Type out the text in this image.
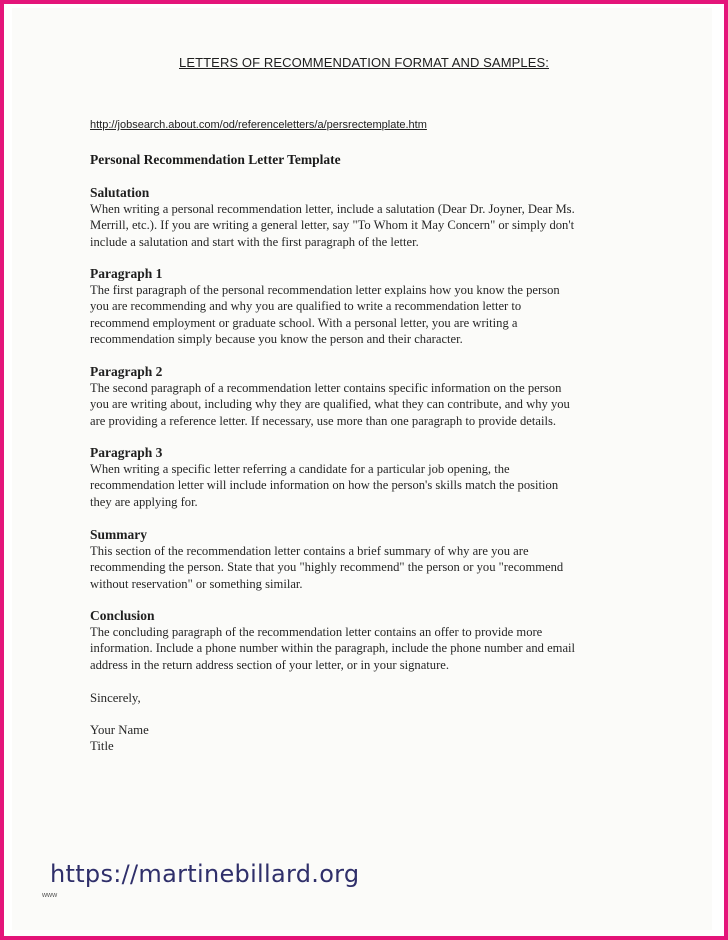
LETTERS OF RECOMMENDATION FORMAT AND SAMPLES:
http://jobsearch.about.com/od/referenceletters/a/persrectemplate.htm
Personal Recommendation Letter Template
Salutation

When writing a personal recommendation letter, include a salutation (Dear Dr. Joyner, Dear Ms.

Merrill, etc.). If you are writing a general letter, say "To Whom it May Concern" or simply don't

include a salutation and start with the first paragraph of the letter.

Paragraph 1

The first paragraph of the personal recommendation letter explains how you know the person

you are recommending and why you are qualified to write a recommendation letter to

recommend employment or graduate school. With a personal letter, you are writing a

recommendation simply because you know the person and their character.

Paragraph 2

The second paragraph of a recommendation letter contains specific information on the person

you are writing about, including why they are qualified, what they can contribute, and why you

are providing a reference letter. If necessary, use more than one paragraph to provide details.

Paragraph 3

When writing a specific letter referring a candidate for a particular job opening, the

recommendation letter will include information on how the person's skills match the position

they are applying for.

Summary

This section of the recommendation letter contains a brief summary of why are you are

recommending the person. State that you "highly recommend" the person or you "recommend

without reservation" or something similar.

Conclusion

The concluding paragraph of the recommendation letter contains an offer to provide more

information. Include a phone number within the paragraph, include the phone number and email

address in the return address section of your letter, or in your signature.

Sincerely,
Your Name
Title
https://martinebillard.org
www
